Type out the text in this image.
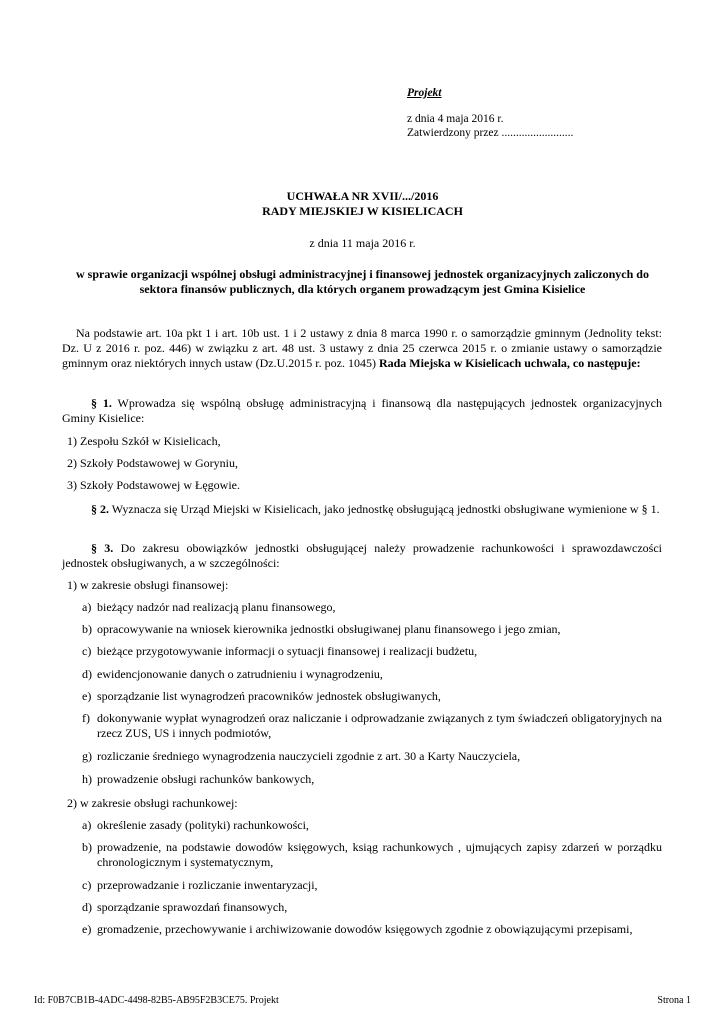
Projekt
z dnia 4 maja 2016 r.
Zatwierdzony przez .........................
UCHWAŁA NR XVII/.../2016
RADY MIEJSKIEJ W KISIELICACH
z dnia 11 maja 2016 r.
w sprawie organizacji wspólnej obsługi administracyjnej i finansowej jednostek organizacyjnych zaliczonych do sektora finansów publicznych, dla których organem prowadzącym jest Gmina Kisielice
Na podstawie art. 10a pkt 1 i art. 10b ust. 1 i 2 ustawy z dnia 8 marca 1990 r. o samorządzie gminnym (Jednolity tekst: Dz. U z 2016 r. poz. 446) w związku z art. 48 ust. 3 ustawy z dnia 25 czerwca 2015 r. o zmianie ustawy o samorządzie gminnym oraz niektórych innych ustaw (Dz.U.2015 r. poz. 1045) Rada Miejska w Kisielicach uchwala, co następuje:
§ 1. Wprowadza się wspólną obsługę administracyjną i finansową dla następujących jednostek organizacyjnych Gminy Kisielice:
1) Zespołu Szkół w Kisielicach,
2) Szkoły Podstawowej w Goryniu,
3) Szkoły Podstawowej w Łęgowie.
§ 2. Wyznacza się Urząd Miejski w Kisielicach, jako jednostkę obsługującą jednostki obsługiwane wymienione w § 1.
§ 3. Do zakresu obowiązków jednostki obsługującej należy prowadzenie rachunkowości i sprawozdawczości jednostek obsługiwanych, a w szczególności:
1) w zakresie obsługi finansowej:
a) bieżący nadzór nad realizacją planu finansowego,
b) opracowywanie na wniosek kierownika jednostki obsługiwanej planu finansowego i jego zmian,
c) bieżące przygotowywanie informacji o sytuacji finansowej i realizacji budżetu,
d) ewidencjonowanie danych o zatrudnieniu i wynagrodzeniu,
e) sporządzanie list wynagrodzeń pracowników jednostek obsługiwanych,
f) dokonywanie wypłat wynagrodzeń oraz naliczanie i odprowadzanie związanych z tym świadczeń obligatoryjnych na rzecz ZUS, US i innych podmiotów,
g) rozliczanie średniego wynagrodzenia nauczycieli zgodnie z art. 30 a Karty Nauczyciela,
h) prowadzenie obsługi rachunków bankowych,
2) w zakresie obsługi rachunkowej:
a) określenie zasady (polityki) rachunkowości,
b) prowadzenie, na podstawie dowodów księgowych, ksiąg rachunkowych , ujmujących zapisy zdarzeń w porządku chronologicznym i systematycznym,
c) przeprowadzanie i rozliczanie inwentaryzacji,
d) sporządzanie sprawozdań finansowych,
e) gromadzenie, przechowywanie i archiwizowanie dowodów księgowych zgodnie z obowiązującymi przepisami,
Id: F0B7CB1B-4ADC-4498-82B5-AB95F2B3CE75. Projekt	Strona 1
